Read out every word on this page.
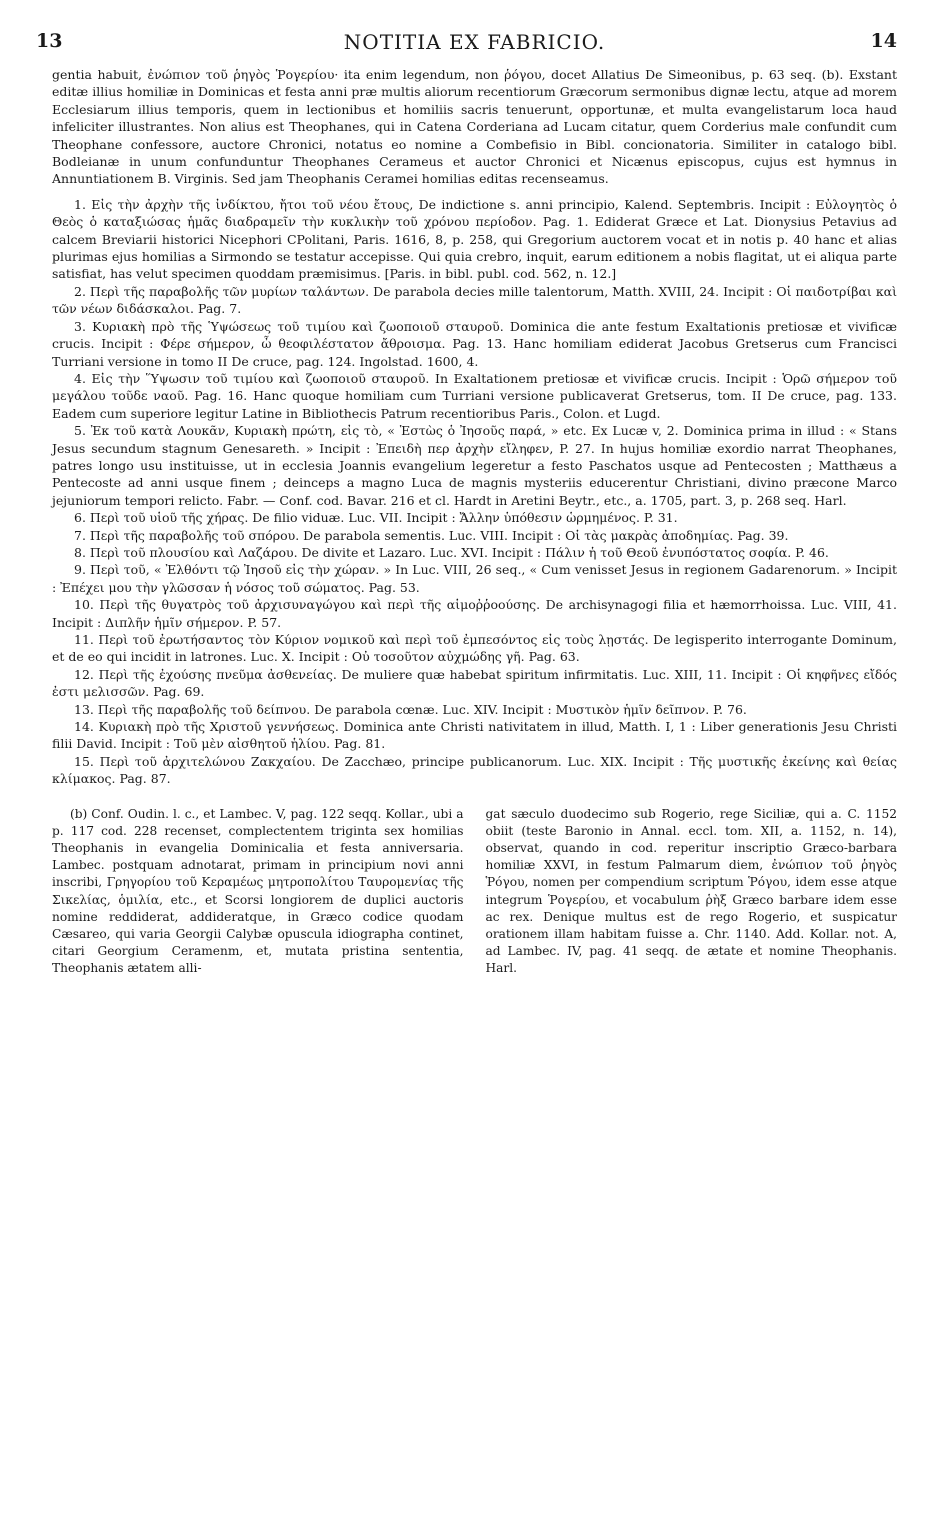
13	NOTITIA EX FABRICIO.	14

gentia habuit, ἐνώπιον τοῦ ῥηγὸς Ῥογερίου· ita enim legendum, non ῥόγου, docet Allatius De Simeonibus, p. 63 seq. (b). Exstant editæ illius homiliæ in Dominicas et festa anni præ multis aliorum recentiorum Græcorum sermonibus dignæ lectu, atque ad morem Ecclesiarum illius temporis, quem in lectionibus et homiliis sacris tenuerunt, opportunæ, et multa evangelistarum loca haud infeliciter illustrantes. Non alius est Theophanes, qui in Catena Corderiana ad Lucam citatur, quem Corderius male confundit cum Theophane confessore, auctore Chronici, notatus eo nomine a Combefisio in Bibl. concionatoria. Similiter in catalogo bibl. Bodleianæ in unum confunduntur Theophanes Cerameus et auctor Chronici et Nicænus episcopus, cujus est hymnus in Annuntiationem B. Virginis. Sed jam Theophanis Ceramei homilias editas recenseamus.

1. Εἰς τὴν ἀρχὴν τῆς ἰνδίκτου, ἤτοι τοῦ νέου ἔτους, De indictione s. anni principio, Kalend. Septembris. Incipit : Εὐλογητὸς ὁ Θεὸς ὁ καταξιώσας ἡμᾶς διαδραμεῖν τὴν κυκλικὴν τοῦ χρόνου περίοδον. Pag. 1. Ediderat Græce et Lat. Dionysius Petavius ad calcem Breviarii historici Nicephori CPolitani, Paris. 1616, 8, p. 258, qui Gregorium auctorem vocat et in notis p. 40 hanc et alias plurimas ejus homilias a Sirmondo se testatur accepisse. Qui quia crebro, inquit, earum editionem a nobis flagitat, ut ei aliqua parte satisfiat, has velut specimen quoddam præmisimus. [Paris. in bibl. publ. cod. 562, n. 12.]

2. Περὶ τῆς παραβολῆς τῶν μυρίων ταλάντων. De parabola decies mille talentorum, Matth. XVIII, 24. Incipit : Οἱ παιδοτρίβαι καὶ τῶν νέων διδάσκαλοι. Pag. 7.

3. Κυριακὴ πρὸ τῆς Ὑψώσεως τοῦ τιμίου καὶ ζωοποιοῦ σταυροῦ. Dominica die ante festum Exaltationis pretiosæ et vivificæ crucis. Incipit : Φέρε σήμερον, ὦ θεοφιλέστατον ἄθροισμα. Pag. 13. Hanc homiliam ediderat Jacobus Gretserus cum Francisci Turriani versione in tomo II De cruce, pag. 124. Ingolstad. 1600, 4.

4. Εἰς τὴν Ὕψωσιν τοῦ τιμίου καὶ ζωοποιοῦ σταυροῦ. In Exaltationem pretiosæ et vivificæ crucis. Incipit : Ὁρῶ σήμερον τοῦ μεγάλου τοῦδε ναοῦ. Pag. 16. Hanc quoque homiliam cum Turriani versione publicaverat Gretserus, tom. II De cruce, pag. 133. Eadem cum superiore legitur Latine in Bibliothecis Patrum recentioribus Paris., Colon. et Lugd.

5. Ἐκ τοῦ κατὰ Λουκᾶν, Κυριακὴ πρώτη, εἰς τὸ, « Ἑστὼς ὁ Ἰησοῦς παρά, » etc. Ex Lucæ v, 2. Dominica prima in illud : « Stans Jesus secundum stagnum Genesareth. » Incipit : Ἐπειδὴ περ ἀρχὴν εἴληφεν, P. 27. In hujus homiliæ exordio narrat Theophanes, patres longo usu instituisse, ut in ecclesia Joannis evangelium legeretur a festo Paschatos usque ad Pentecosten ; Matthæus a Pentecoste ad anni usque finem ; deinceps a magno Luca de magnis mysteriis educerentur Christiani, divino præcone Marco jejuniorum tempori relicto. Fabr. — Conf. cod. Bavar. 216 et cl. Hardt in Aretini Beytr., etc., a. 1705, part. 3, p. 268 seq. Harl.

6. Περὶ τοῦ υἱοῦ τῆς χήρας. De filio viduæ. Luc. VII. Incipit : Ἄλλην ὑπόθεσιν ὡρμημένος. P. 31.

7. Περὶ τῆς παραβολῆς τοῦ σπόρου. De parabola sementis. Luc. VIII. Incipit : Οἱ τὰς μακρὰς ἀποδημίας. Pag. 39.

8. Περὶ τοῦ πλουσίου καὶ Λαζάρου. De divite et Lazaro. Luc. XVI. Incipit : Πάλιν ἡ τοῦ Θεοῦ ἐνυπόστατος σοφία. P. 46.

9. Περὶ τοῦ, « Ἐλθόντι τῷ Ἰησοῦ εἰς τὴν χώραν. » In Luc. VIII, 26 seq., « Cum venisset Jesus in regionem Gadarenorum. » Incipit : Ἐπέχει μου τὴν γλῶσσαν ἡ νόσος τοῦ σώματος. Pag. 53.

10. Περὶ τῆς θυγατρὸς τοῦ ἀρχισυναγώγου καὶ περὶ τῆς αἱμοῤῥοούσης. De archisynagogi filia et hæmorrhoissa. Luc. VIII, 41. Incipit : Διπλῆν ἡμῖν σήμερον. P. 57.

11. Περὶ τοῦ ἐρωτήσαντος τὸν Κύριον νομικοῦ καὶ περὶ τοῦ ἐμπεσόντος εἰς τοὺς λῃστάς. De legisperito interrogante Dominum, et de eo qui incidit in latrones. Luc. X. Incipit : Οὐ τοσοῦτον αὐχμώδης γῆ. Pag. 63.

12. Περὶ τῆς ἐχούσης πνεῦμα ἀσθενείας. De muliere quæ habebat spiritum infirmitatis. Luc. XIII, 11. Incipit : Οἱ κηφῆνες εἴδός ἐστι μελισσῶν. Pag. 69.

13. Περὶ τῆς παραβολῆς τοῦ δείπνου. De parabola cœnæ. Luc. XIV. Incipit : Μυστικὸν ἡμῖν δεῖπνον. P. 76.

14. Κυριακὴ πρὸ τῆς Χριστοῦ γεννήσεως. Dominica ante Christi nativitatem in illud, Matth. I, 1 : Liber generationis Jesu Christi filii David. Incipit : Τοῦ μὲν αἰσθητοῦ ἡλίου. Pag. 81.

15. Περὶ τοῦ ἀρχιτελώνου Ζακχαίου. De Zacchæo, principe publicanorum. Luc. XIX. Incipit : Τῆς μυστικῆς ἐκείνης καὶ θείας κλίμακος. Pag. 87.

(b) Conf. Oudin. l. c., et Lambec. V, pag. 122 seqq. Kollar., ubi a p. 117 cod. 228 recenset, complectentem triginta sex homilias Theophanis in evangelia Dominicalia et festa anniversaria. Lambec. postquam adnotarat, primam in principium novi anni inscribi, Γρηγορίου τοῦ Κεραμέως μητροπολίτου Ταυρομενίας τῆς Σικελίας, ὁμιλία, etc., et Scorsi longiorem de duplici auctoris nomine reddiderat, addideratque, in Græco codice quodam Cæsareo, qui varia Georgii Calybæ opuscula idiographa continet, citari Georgium Ceramenm, et, mutata pristina sententia, Theophanis ætatem alli-

gat sæculo duodecimo sub Rogerio, rege Siciliæ, qui a. C. 1152 obiit (teste Baronio in Annal. eccl. tom. XII, a. 1152, n. 14), observat, quando in cod. reperitur inscriptio Græco-barbara homiliæ XXVI, in festum Palmarum diem, ἐνώπιον τοῦ ῥηγὸς Ῥόγου, nomen per compendium scriptum Ῥόγου, idem esse atque integrum Ῥογερίου, et vocabulum ῥὴξ Græco barbare idem esse ac rex. Denique multus est de rego Rogerio, et suspicatur orationem illam habitam fuisse a. Chr. 1140. Add. Kollar. not. A, ad Lambec. IV, pag. 41 seqq. de ætate et nomine Theophanis. Harl.
